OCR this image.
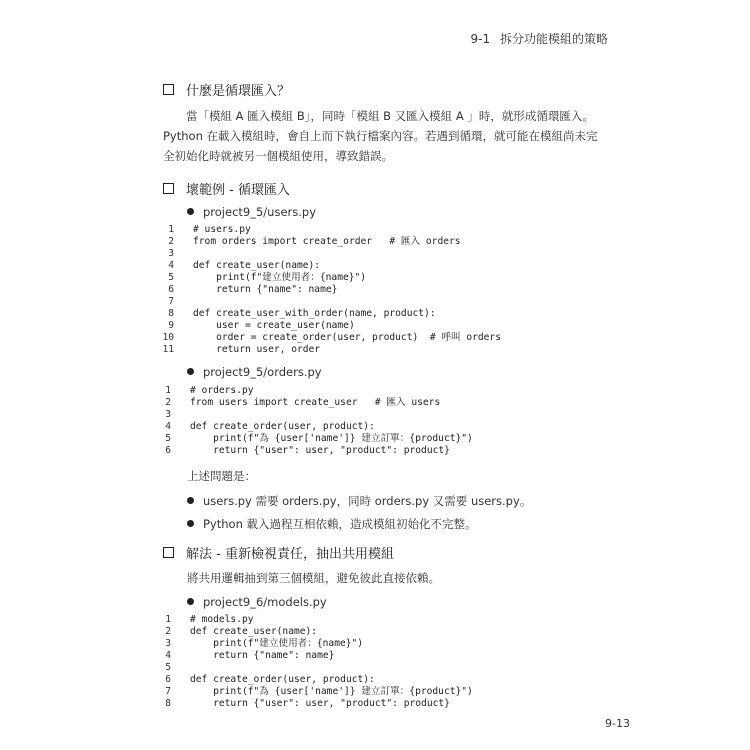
9-1 拆分功能模組的策略
什麼是循環匯入？
當「模組 A 匯入模組 B」，同時「模組 B 又匯入模組 A 」時，就形成循環匯入。
Python 在載入模組時，會自上而下執行檔案內容。若遇到循環，就可能在模組尚未完
全初始化時就被另一個模組使用，導致錯誤。
壞範例 - 循環匯入
project9_5/users.py
1 # users.py
2 from orders import create_order   # 匯入 orders
3
4 def create_user(name):
5 print(f"建立使用者：{name}")
6 return {"name": name}
7
8 def create_user_with_order(name, product):
9 user = create_user(name)
10 order = create_order(user, product)  # 呼叫 orders
11 return user, order
project9_5/orders.py
1 # orders.py
2 from users import create_user   # 匯入 users
3
4 def create_order(user, product):
5 print(f"為 {user['name']} 建立訂單：{product}")
6 return {"user": user, "product": product}
上述問題是：
users.py 需要 orders.py，同時 orders.py 又需要 users.py。
Python 載入過程互相依賴，造成模組初始化不完整。
解法 - 重新檢視責任，抽出共用模組
將共用邏輯抽到第三個模組，避免彼此直接依賴。
project9_6/models.py
1 # models.py
2 def create_user(name):
3 print(f"建立使用者：{name}")
4 return {"name": name}
5
6 def create_order(user, product):
7 print(f"為 {user['name']} 建立訂單：{product}")
8 return {"user": user, "product": product}
9-13
